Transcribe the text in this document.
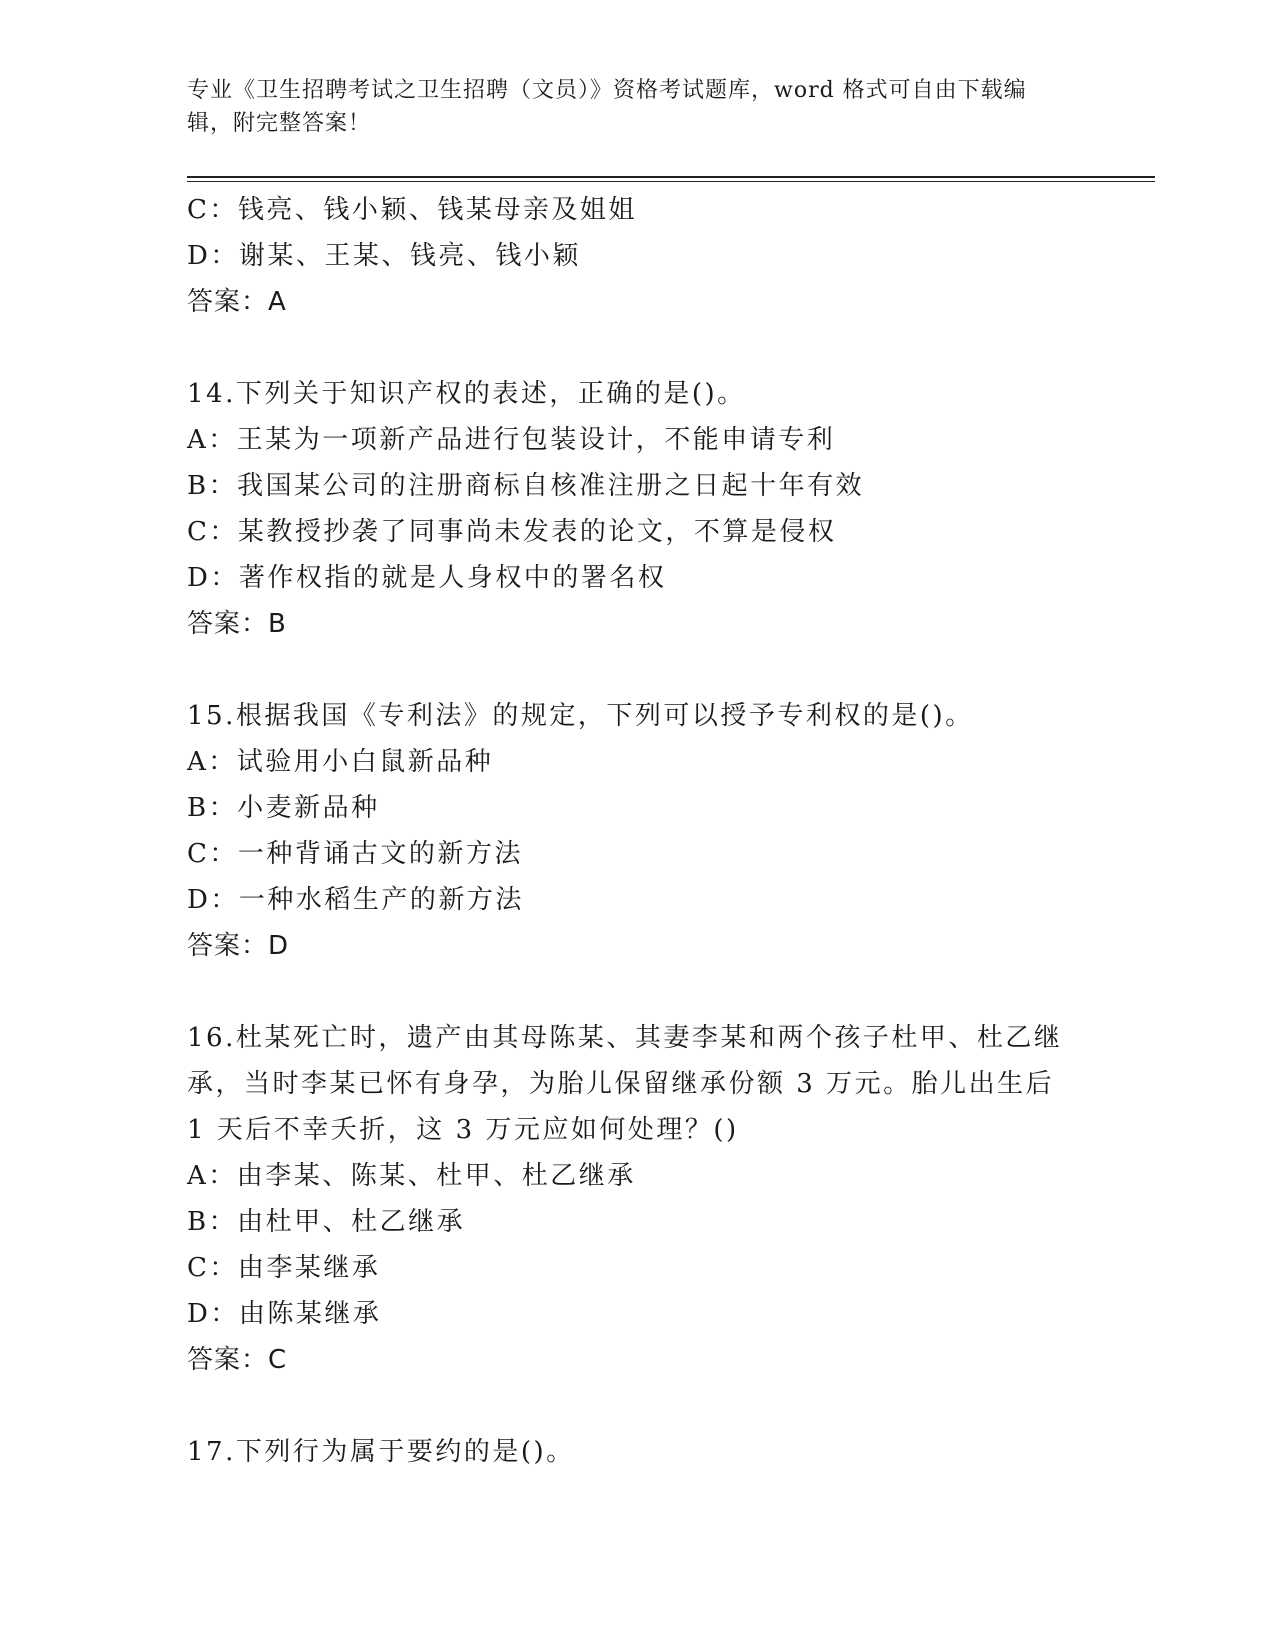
专业《卫生招聘考试之卫生招聘（文员）》资格考试题库，word 格式可自由下载编辑，附完整答案！
C：钱亮、钱小颖、钱某母亲及姐姐
D：谢某、王某、钱亮、钱小颖
答案：A
14.下列关于知识产权的表述，正确的是()。
A：王某为一项新产品进行包装设计，不能申请专利
B：我国某公司的注册商标自核准注册之日起十年有效
C：某教授抄袭了同事尚未发表的论文，不算是侵权
D：著作权指的就是人身权中的署名权
答案：B
15.根据我国《专利法》的规定，下列可以授予专利权的是()。
A：试验用小白鼠新品种
B：小麦新品种
C：一种背诵古文的新方法
D：一种水稻生产的新方法
答案：D
16.杜某死亡时，遗产由其母陈某、其妻李某和两个孩子杜甲、杜乙继
承，当时李某已怀有身孕，为胎儿保留继承份额 3 万元。胎儿出生后
1 天后不幸夭折，这 3 万元应如何处理？()
A：由李某、陈某、杜甲、杜乙继承
B：由杜甲、杜乙继承
C：由李某继承
D：由陈某继承
答案：C
17.下列行为属于要约的是()。
